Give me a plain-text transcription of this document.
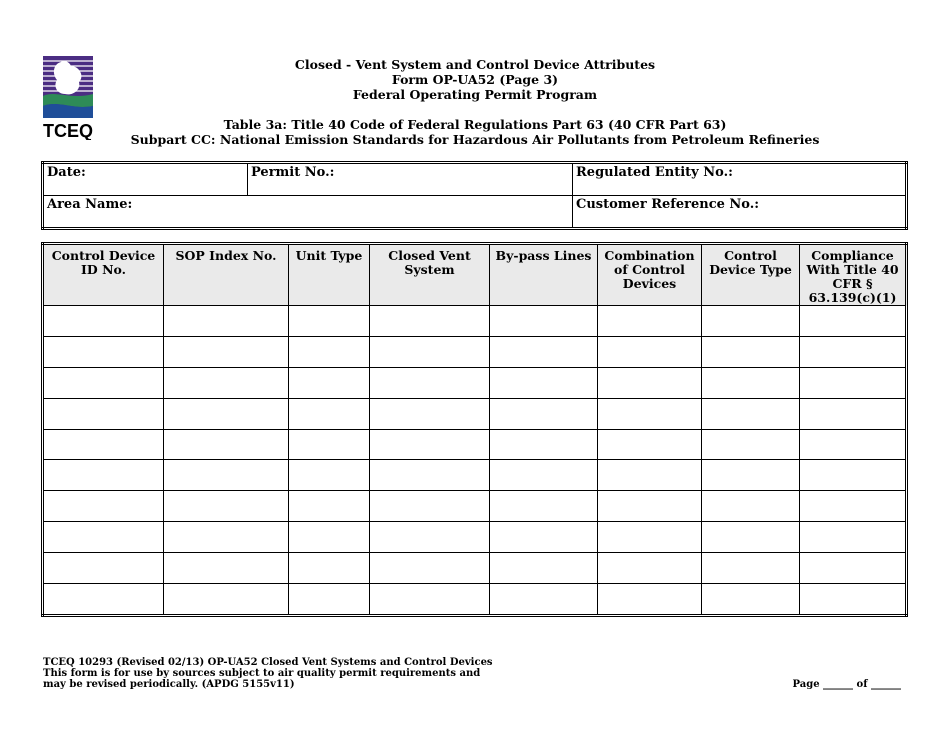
TCEQ
Closed - Vent System and Control Device Attributes
Form OP-UA52 (Page 3)
Federal Operating Permit Program
Table 3a: Title 40 Code of Federal Regulations Part 63 (40 CFR Part 63)
Subpart CC: National Emission Standards for Hazardous Air Pollutants from Petroleum Refineries
Date:	Permit No.:	Regulated Entity No.:
Area Name:		Customer Reference No.:
Control Device ID No.	SOP Index No.	Unit Type	Closed Vent System	By-pass Lines	Combination of Control Devices	Control Device Type	Compliance With Title 40 CFR § 63.139(c)(1)

TCEQ 10293 (Revised 02/13) OP-UA52 Closed Vent Systems and Control Devices
This form is for use by sources subject to air quality permit requirements and
may be revised periodically. (APDG 5155v11)	Page ______ of ______
